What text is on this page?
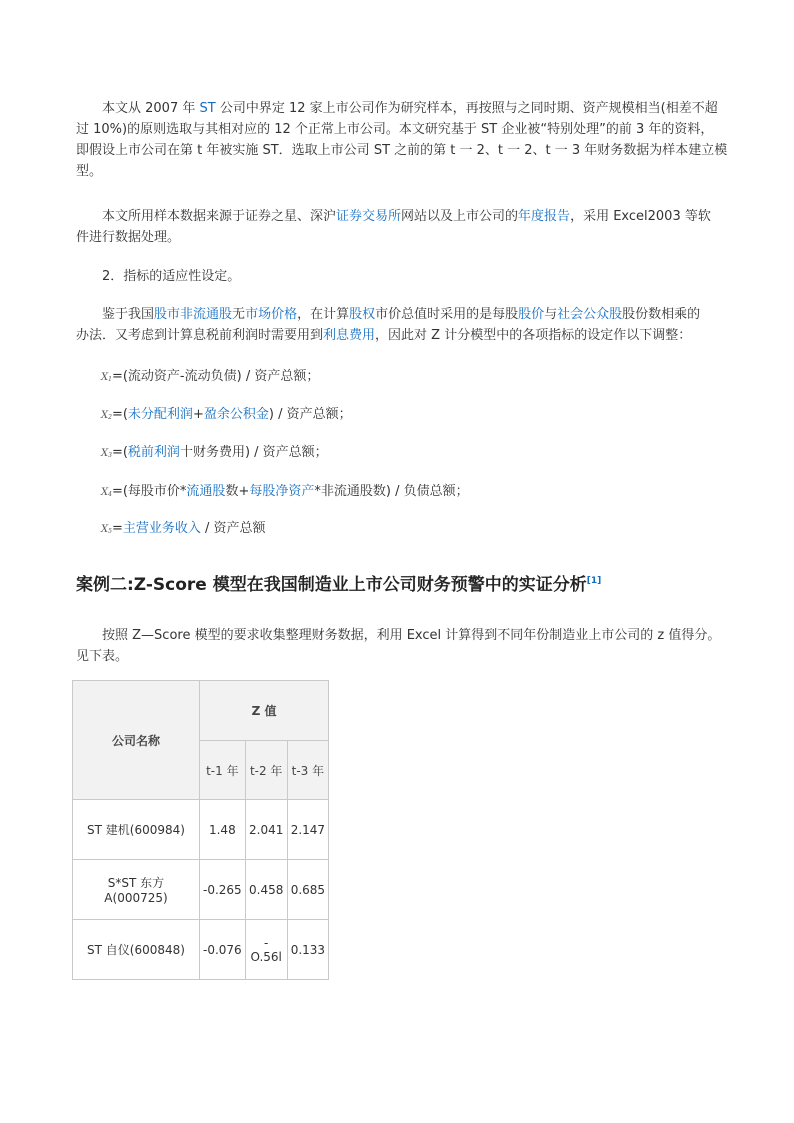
本文从 2007 年 ST 公司中界定 12 家上市公司作为研究样本，再按照与之同时期、资产规模相当(相差不超
过 10%)的原则选取与其相对应的 12 个正常上市公司。本文研究基于 ST 企业被“特别处理”的前 3 年的资料，
即假设上市公司在第 t 年被实施 ST．选取上市公司 ST 之前的第 t 一 2、t 一 2、t 一 3 年财务数据为样本建立模
型。
本文所用样本数据来源于证券之星、深沪证券交易所网站以及上市公司的年度报告，采用 Excel2003 等软
件进行数据处理。
2．指标的适应性设定。
鉴于我国股市非流通股无市场价格，在计算股权市价总值时采用的是每股股价与社会公众股股份数相乘的
办法．又考虑到计算息税前利润时需要用到利息费用，因此对 Z 计分模型中的各项指标的设定作以下调整：
$X_1=$(流动资产-流动负债) / 资产总额；
$X_2=$(未分配利润+盈余公积金) / 资产总额；
$X_3=$(税前利润十财务费用) / 资产总额；
$X_4=$(每股市价*流通股数+每股净资产*非流通股数) / 负债总额；
$X_5=$主营业务收入 / 资产总额
案例二:Z-Score 模型在我国制造业上市公司财务预警中的实证分析[1]
按照 Z—Score 模型的要求收集整理财务数据，利用 Excel 计算得到不同年份制造业上市公司的 z 值得分。
见下表。
公司名称	Z 值		
	t-1 年	t-2 年	t-3 年
ST 建机(600984)	1.48	2.041	2.147
S*ST 东方 A(000725)	-0.265	0.458	0.685
ST 自仪(600848)	-0.076	-O.56l	0.133
